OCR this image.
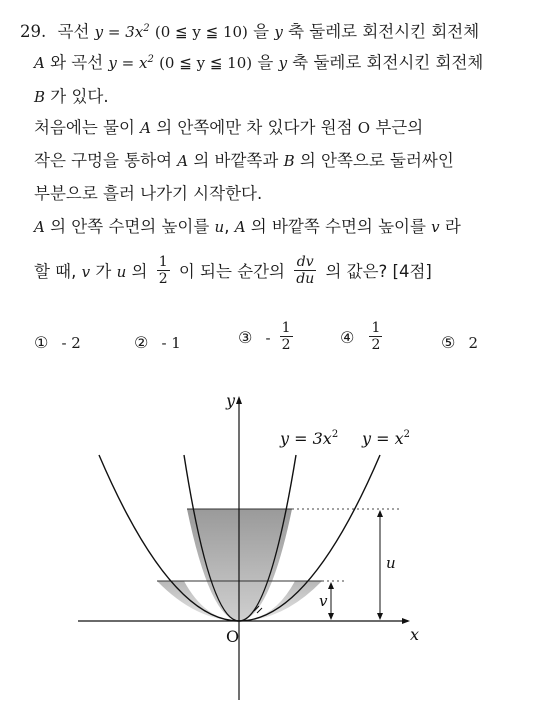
29. 곡선 $y = 3x^2$ (0 ≦ y ≦ 10) 을 y 축 둘레로 회전시킨 회전체
A 와 곡선 $y = x^2$ (0 ≦ y ≦ 10) 을 y 축 둘레로 회전시킨 회전체
B 가 있다.
처음에는 물이 A 의 안쪽에만 차 있다가 원점 O 부근의
작은 구멍을 통하여 A 의 바깥쪽과 B 의 안쪽으로 둘러싸인
부분으로 흘러 나가기 시작한다.
A 의 안쪽 수면의 높이를 u, A 의 바깥쪽 수면의 높이를 v 라
할 때, v 가 u 의 $\frac{1}{2}$ 이 되는 순간의 $\frac{dv}{du}$ 의 값은? [4점]
① - 2	② - 1	③ - $\frac{1}{2}$	④ $\frac{1}{2}$	⑤ 2
y
x
O
$y = 3x^2$ $y = x^2$
u
v
